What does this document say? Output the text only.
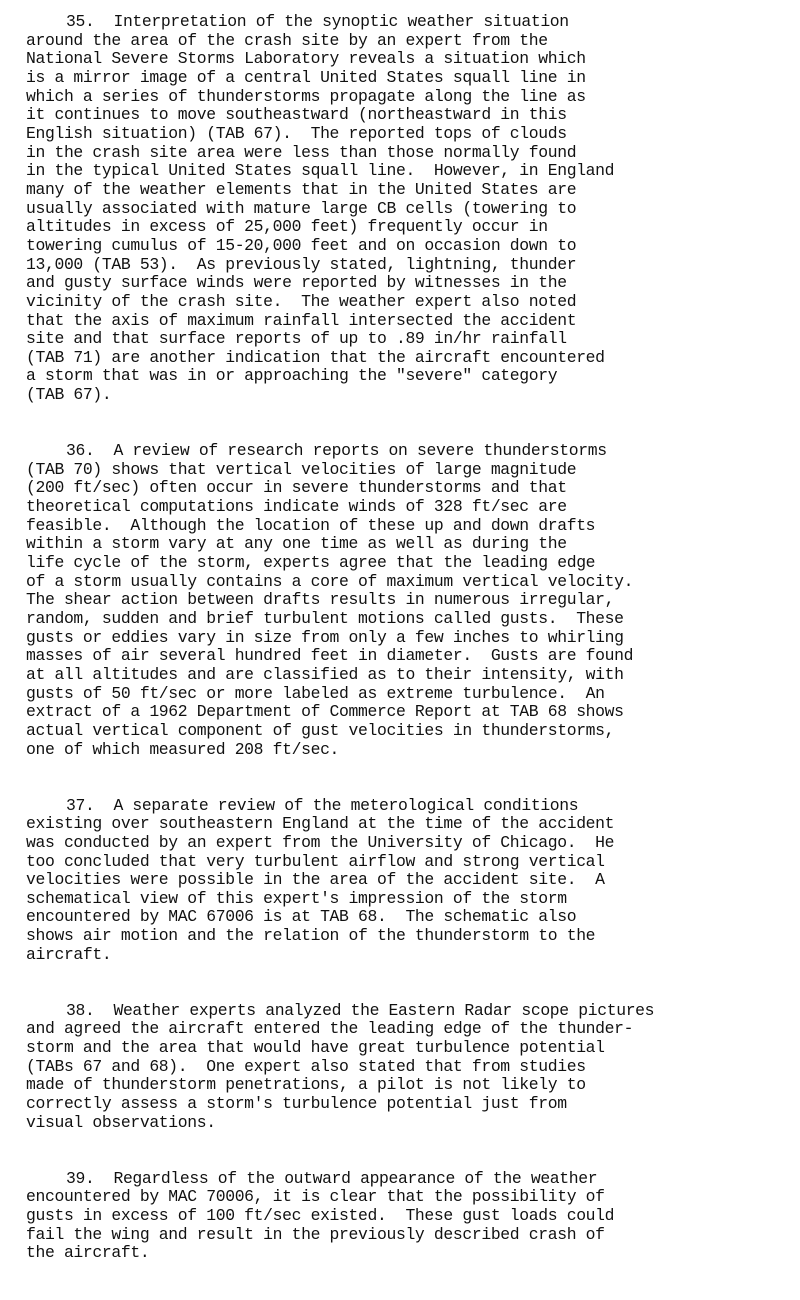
35. Interpretation of the synoptic weather situation
around the area of the crash site by an expert from the
National Severe Storms Laboratory reveals a situation which
is a mirror image of a central United States squall line in
which a series of thunderstorms propagate along the line as
it continues to move southeastward (northeastward in this
English situation) (TAB 67).  The reported tops of clouds
in the crash site area were less than those normally found
in the typical United States squall line.  However, in England
many of the weather elements that in the United States are
usually associated with mature large CB cells (towering to
altitudes in excess of 25,000 feet) frequently occur in
towering cumulus of 15-20,000 feet and on occasion down to
13,000 (TAB 53).  As previously stated, lightning, thunder
and gusty surface winds were reported by witnesses in the
vicinity of the crash site.  The weather expert also noted
that the axis of maximum rainfall intersected the accident
site and that surface reports of up to .89 in/hr rainfall
(TAB 71) are another indication that the aircraft encountered
a storm that was in or approaching the "severe" category
(TAB 67).
36. A review of research reports on severe thunderstorms
(TAB 70) shows that vertical velocities of large magnitude
(200 ft/sec) often occur in severe thunderstorms and that
theoretical computations indicate winds of 328 ft/sec are
feasible.  Although the location of these up and down drafts
within a storm vary at any one time as well as during the
life cycle of the storm, experts agree that the leading edge
of a storm usually contains a core of maximum vertical velocity.
The shear action between drafts results in numerous irregular,
random, sudden and brief turbulent motions called gusts.  These
gusts or eddies vary in size from only a few inches to whirling
masses of air several hundred feet in diameter.  Gusts are found
at all altitudes and are classified as to their intensity, with
gusts of 50 ft/sec or more labeled as extreme turbulence.  An
extract of a 1962 Department of Commerce Report at TAB 68 shows
actual vertical component of gust velocities in thunderstorms,
one of which measured 208 ft/sec.
37. A separate review of the meterological conditions
existing over southeastern England at the time of the accident
was conducted by an expert from the University of Chicago.  He
too concluded that very turbulent airflow and strong vertical
velocities were possible in the area of the accident site.  A
schematical view of this expert's impression of the storm
encountered by MAC 67006 is at TAB 68.  The schematic also
shows air motion and the relation of the thunderstorm to the
aircraft.
38. Weather experts analyzed the Eastern Radar scope pictures
and agreed the aircraft entered the leading edge of the thunder-
storm and the area that would have great turbulence potential
(TABs 67 and 68).  One expert also stated that from studies
made of thunderstorm penetrations, a pilot is not likely to
correctly assess a storm's turbulence potential just from
visual observations.
39. Regardless of the outward appearance of the weather
encountered by MAC 70006, it is clear that the possibility of
gusts in excess of 100 ft/sec existed.  These gust loads could
fail the wing and result in the previously described crash of
the aircraft.
